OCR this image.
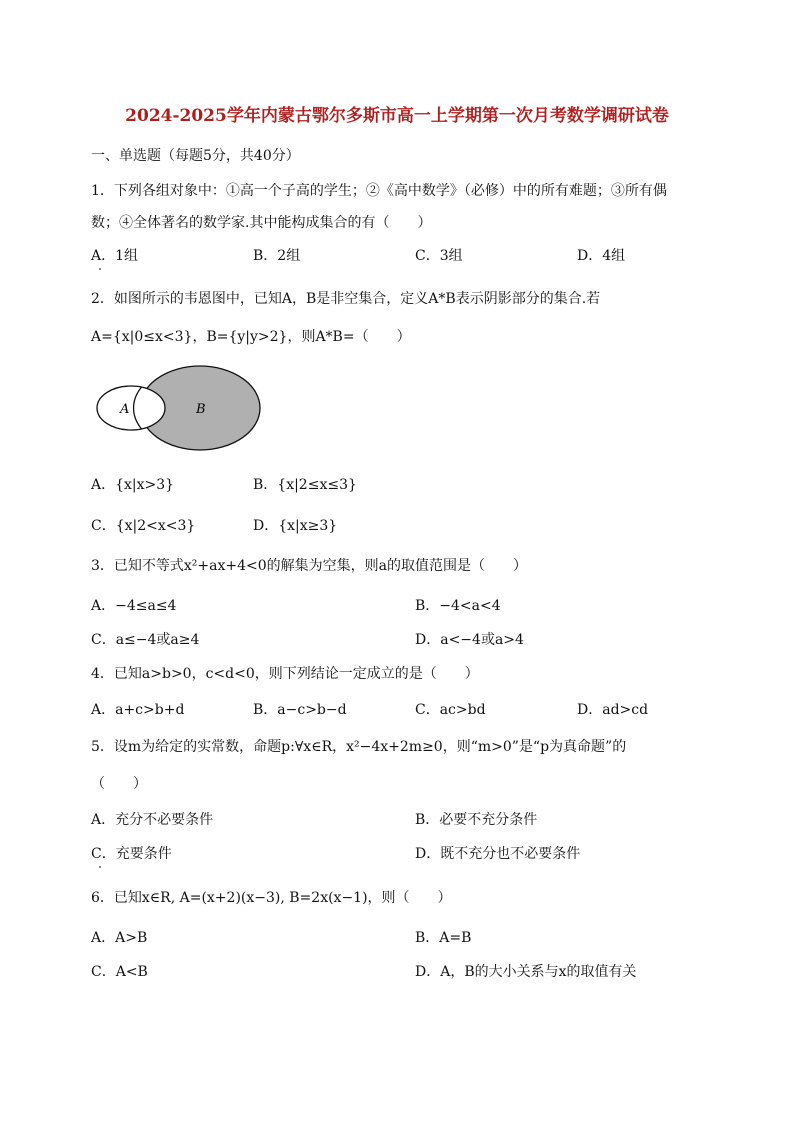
2024-2025学年内蒙古鄂尔多斯市高一上学期第一次月考数学调研试卷
一、单选题（每题5分，共40分）
1．下列各组对象中：①高一个子高的学生；②《高中数学》（必修）中的所有难题；③所有偶
数；④全体著名的数学家.其中能构成集合的有（　　）
A．1组	B．2组	C．3组	D．4组
2．如图所示的韦恩图中，已知A，B是非空集合，定义A*B表示阴影部分的集合.若
A={x|0≤x<3}，B={y|y>2}，则A*B=（　　）
A	B
A．{x|x>3}	B．{x|2≤x≤3}
C．{x|2<x<3}	D．{x|x≥3}
3．已知不等式x²+ax+4<0的解集为空集，则a的取值范围是（　　）
A．−4≤a≤4	B．−4<a<4
C．a≤−4或a≥4	D．a<−4或a>4
4．已知a>b>0，c<d<0，则下列结论一定成立的是（　　）
A．a+c>b+d	B．a−c>b−d	C．ac>bd	D．ad>cd
5．设m为给定的实常数，命题p:∀x∈R，x²−4x+2m≥0，则“m>0”是“p为真命题”的
（　　）
A．充分不必要条件	B．必要不充分条件
C．充要条件	D．既不充分也不必要条件
6．已知x∈R, A=(x+2)(x−3), B=2x(x−1)，则（　　）
A．A>B	B．A=B
C．A<B	D．A，B的大小关系与x的取值有关
